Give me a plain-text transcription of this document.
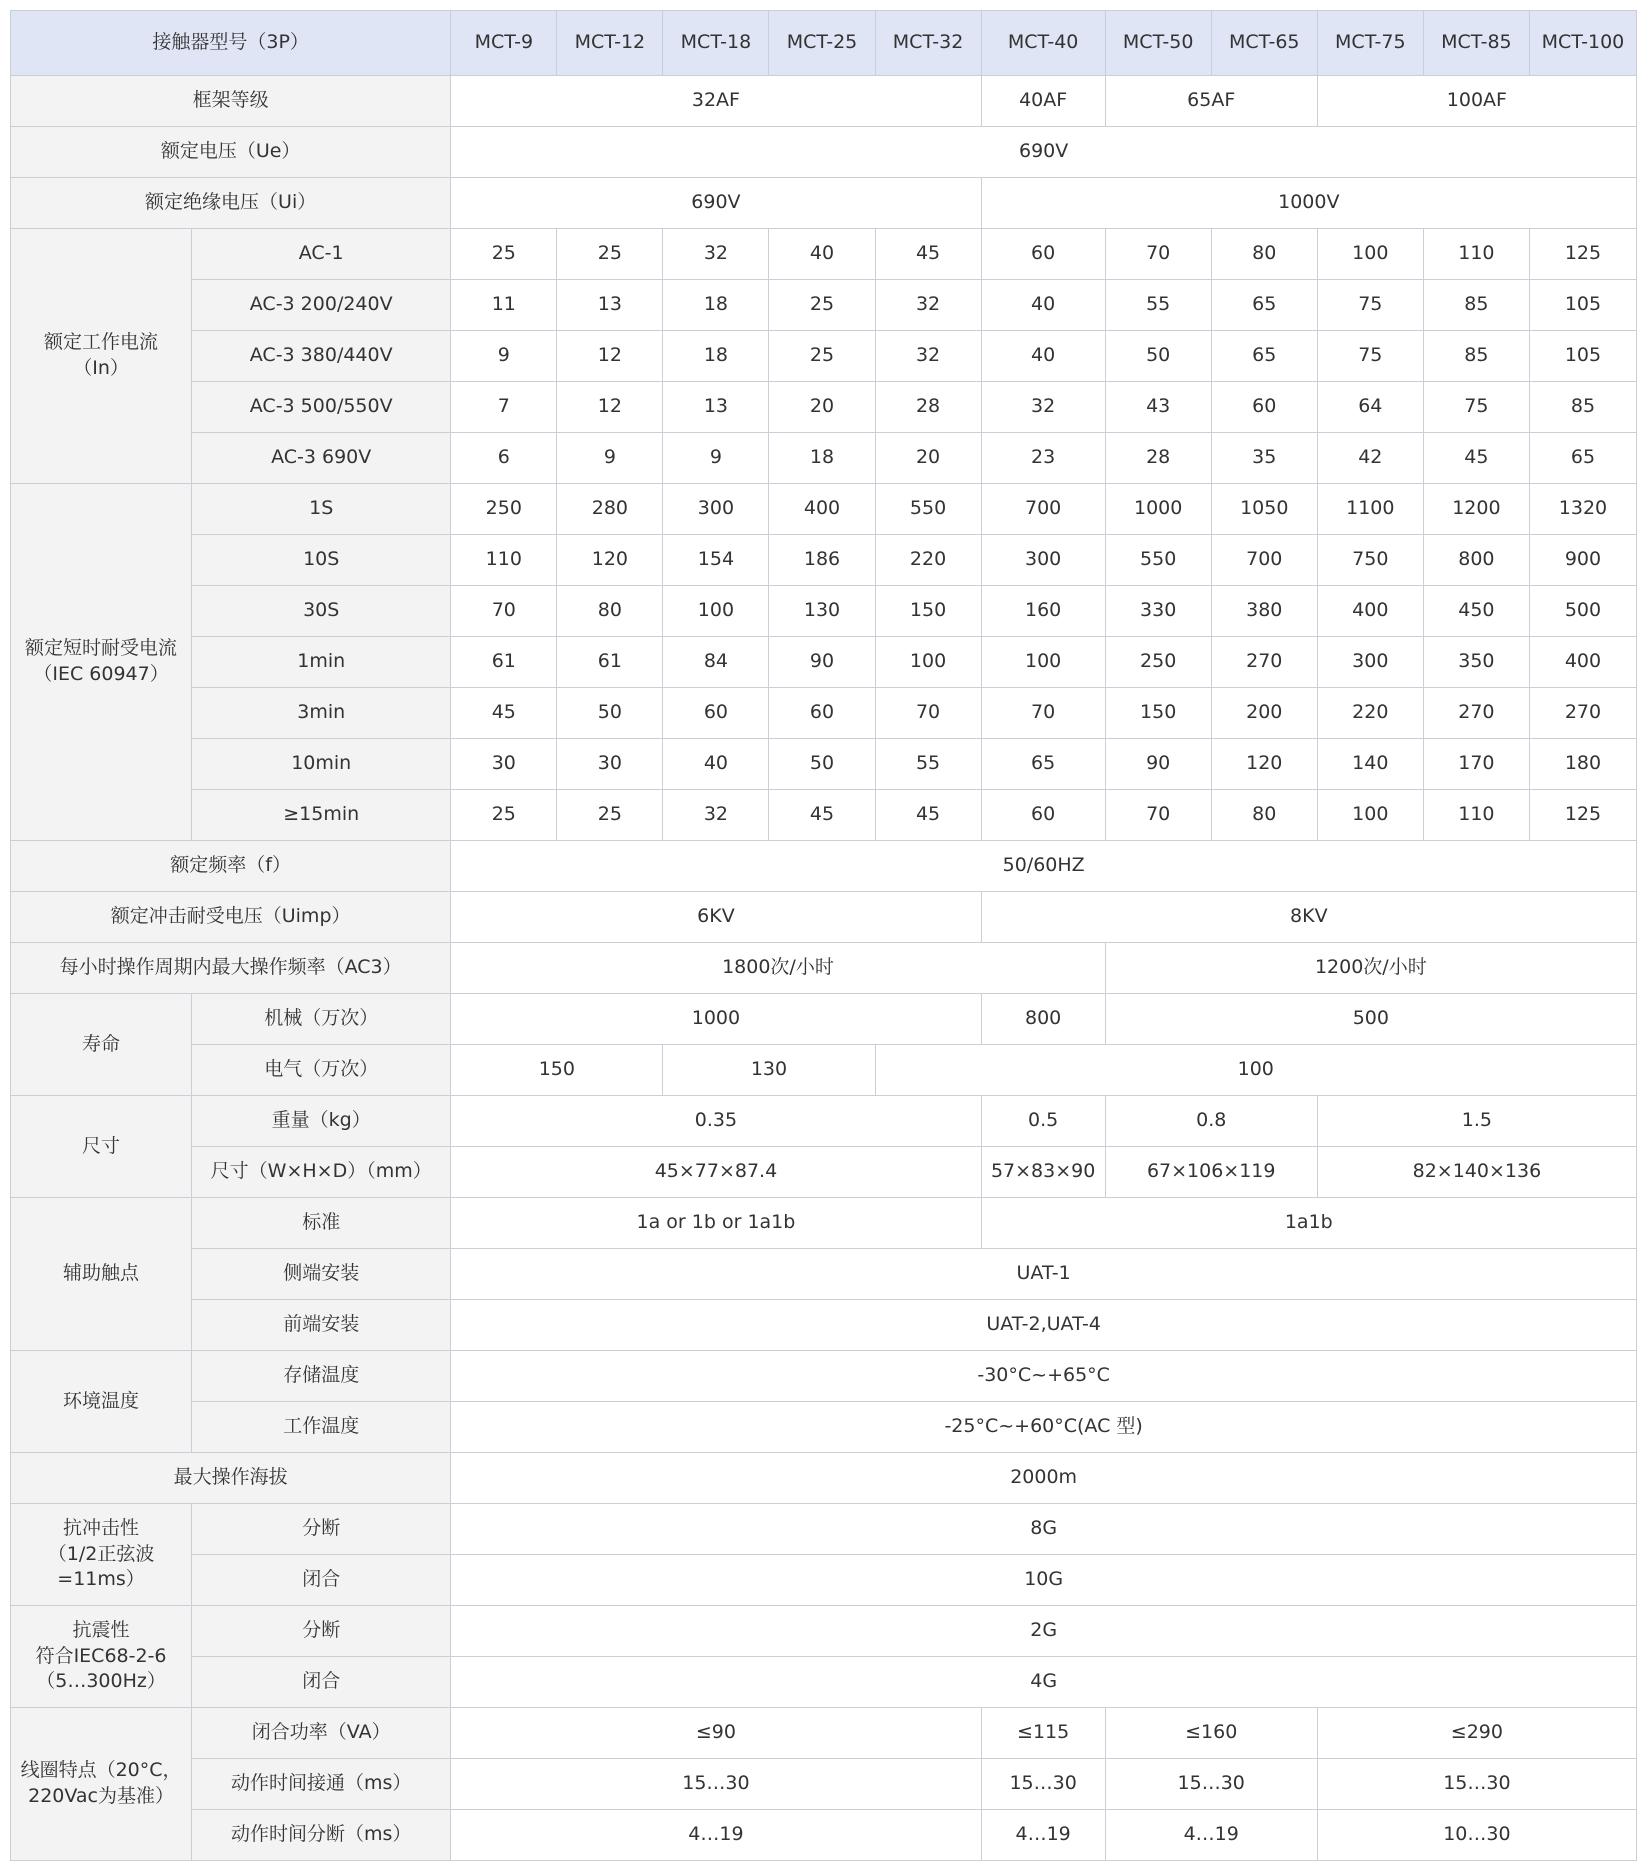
接触器型号（3P）		MCT-9	MCT-12	MCT-18	MCT-25	MCT-32	MCT-40	MCT-50	MCT-65	MCT-75	MCT-85	MCT-100
框架等级		32AF					40AF	65AF		100AF		
额定电压（Ue）		690V										
额定绝缘电压（Ui）		690V					1000V					

额定工作电流
（In）	AC-1	25	25	32	40	45	60	70	80	100	110	125
	AC-3 200/240V	11	13	18	25	32	40	55	65	75	85	105
	AC-3 380/440V	9	12	18	25	32	40	50	65	75	85	105
	AC-3 500/550V	7	12	13	20	28	32	43	60	64	75	85
	AC-3 690V	6	9	9	18	20	23	28	35	42	45	65

额定短时耐受电流
（IEC 60947）	1S	250	280	300	400	550	700	1000	1050	1100	1200	1320
	10S	110	120	154	186	220	300	550	700	750	800	900
	30S	70	80	100	130	150	160	330	380	400	450	500
	1min	61	61	84	90	100	100	250	270	300	350	400
	3min	45	50	60	60	70	70	150	200	220	270	270
	10min	30	30	40	50	55	65	90	120	140	170	180
	≥15min	25	25	32	45	45	60	70	80	100	110	125
额定频率（f）		50/60HZ										
额定冲击耐受电压（Uimp）		6KV					8KV					
每小时操作周期内最大操作频率（AC3）		1800次/小时						1200次/小时				
寿命	机械（万次）	1000					800	500				
	电气（万次）	150		130		100						
尺寸	重量（kg）	0.35					0.5	0.8		1.5		
	尺寸（W×H×D）（mm）	45×77×87.4					57×83×90	67×106×119		82×140×136		
辅助触点	标准	1a or 1b or 1a1b					1a1b					
	侧端安装	UAT-1										
	前端安装	UAT-2,UAT-4										
环境温度	存储温度	-30°C~+65°C										
	工作温度	-25°C~+60°C(AC 型)										
最大操作海拔		2000m										

抗冲击性
（1/2正弦波
=11ms）	分断	8G										
	闭合	10G										

抗震性
符合IEC68-2-6
（5…300Hz）	分断	2G										
	闭合	4G										

线圈特点（20°C，
220Vac为基准）	闭合功率（VA）	≤90					≤115	≤160		≤290		
	动作时间接通（ms）	15…30					15…30	15…30		15…30		
	动作时间分断（ms）	4…19					4…19	4…19		10…30		
